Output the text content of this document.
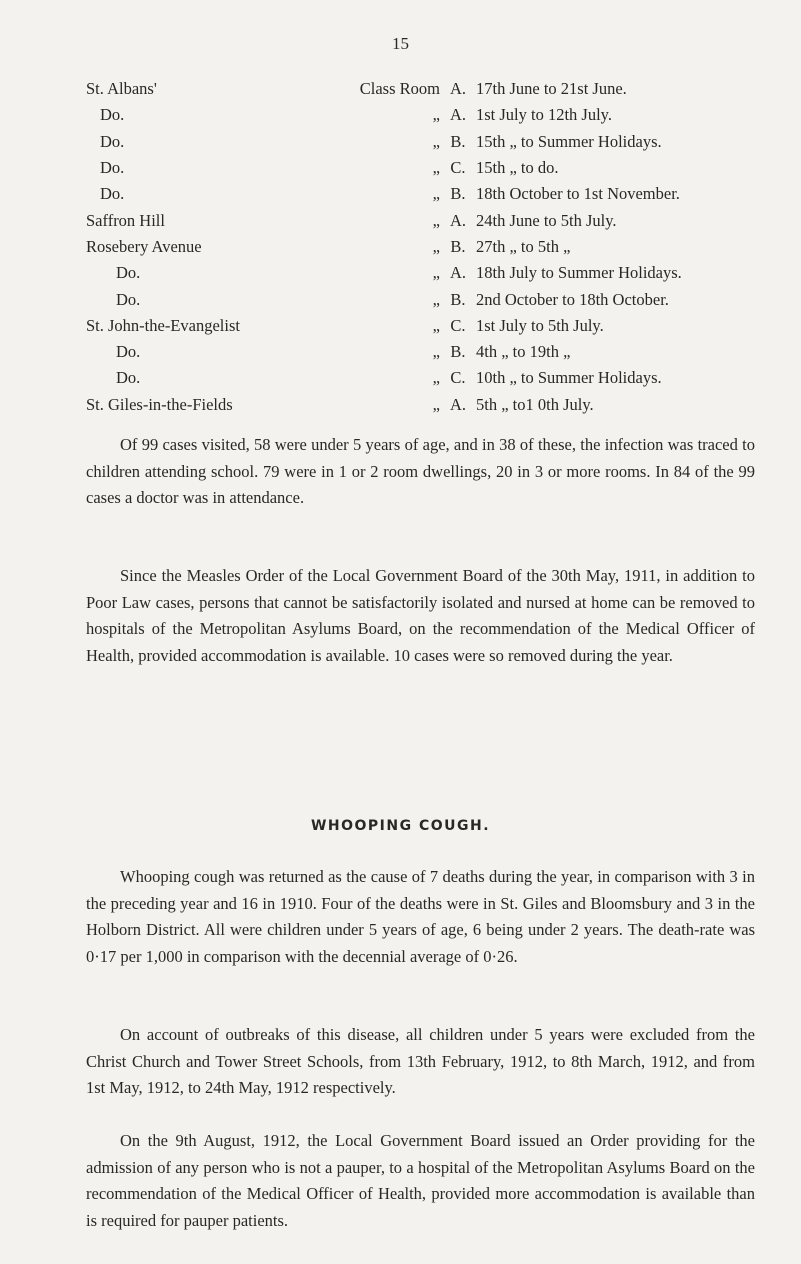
15
St. Albans'	Class Room	A.	17th June to 21st June.
Do.	„	A.	1st July to 12th July.
Do.	„	B.	15th „ to Summer Holidays.
Do.	„	C.	15th „ to do.
Do.	„	B.	18th October to 1st November.
Saffron Hill	„	A.	24th June to 5th July.
Rosebery Avenue	„	B.	27th „ to 5th „
Do.	„	A.	18th July to Summer Holidays.
Do.	„	B.	2nd October to 18th October.
St. John-the-Evangelist	„	C.	1st July to 5th July.
Do.	„	B.	4th „ to 19th „
Do.	„	C.	10th „ to Summer Holidays.
St. Giles-in-the-Fields	„	A.	5th „ to1 0th July.

Of 99 cases visited, 58 were under 5 years of age, and in 38 of these, the infection was traced to children attending school. 79 were in 1 or 2 room dwellings, 20 in 3 or more rooms. In 84 of the 99 cases a doctor was in attendance.

Since the Measles Order of the Local Government Board of the 30th May, 1911, in addition to Poor Law cases, persons that cannot be satisfactorily isolated and nursed at home can be removed to hospitals of the Metropolitan Asylums Board, on the recommendation of the Medical Officer of Health, provided accommodation is available. 10 cases were so removed during the year.

WHOOPING COUGH.

Whooping cough was returned as the cause of 7 deaths during the year, in comparison with 3 in the preceding year and 16 in 1910. Four of the deaths were in St. Giles and Bloomsbury and 3 in the Holborn District. All were children under 5 years of age, 6 being under 2 years. The death-rate was 0·17 per 1,000 in comparison with the decennial average of 0·26.

On account of outbreaks of this disease, all children under 5 years were excluded from the Christ Church and Tower Street Schools, from 13th February, 1912, to 8th March, 1912, and from 1st May, 1912, to 24th May, 1912 respectively.

On the 9th August, 1912, the Local Government Board issued an Order providing for the admission of any person who is not a pauper, to a hospital of the Metropolitan Asylums Board on the recommendation of the Medical Officer of Health, provided more accommodation is available than is required for pauper patients.
